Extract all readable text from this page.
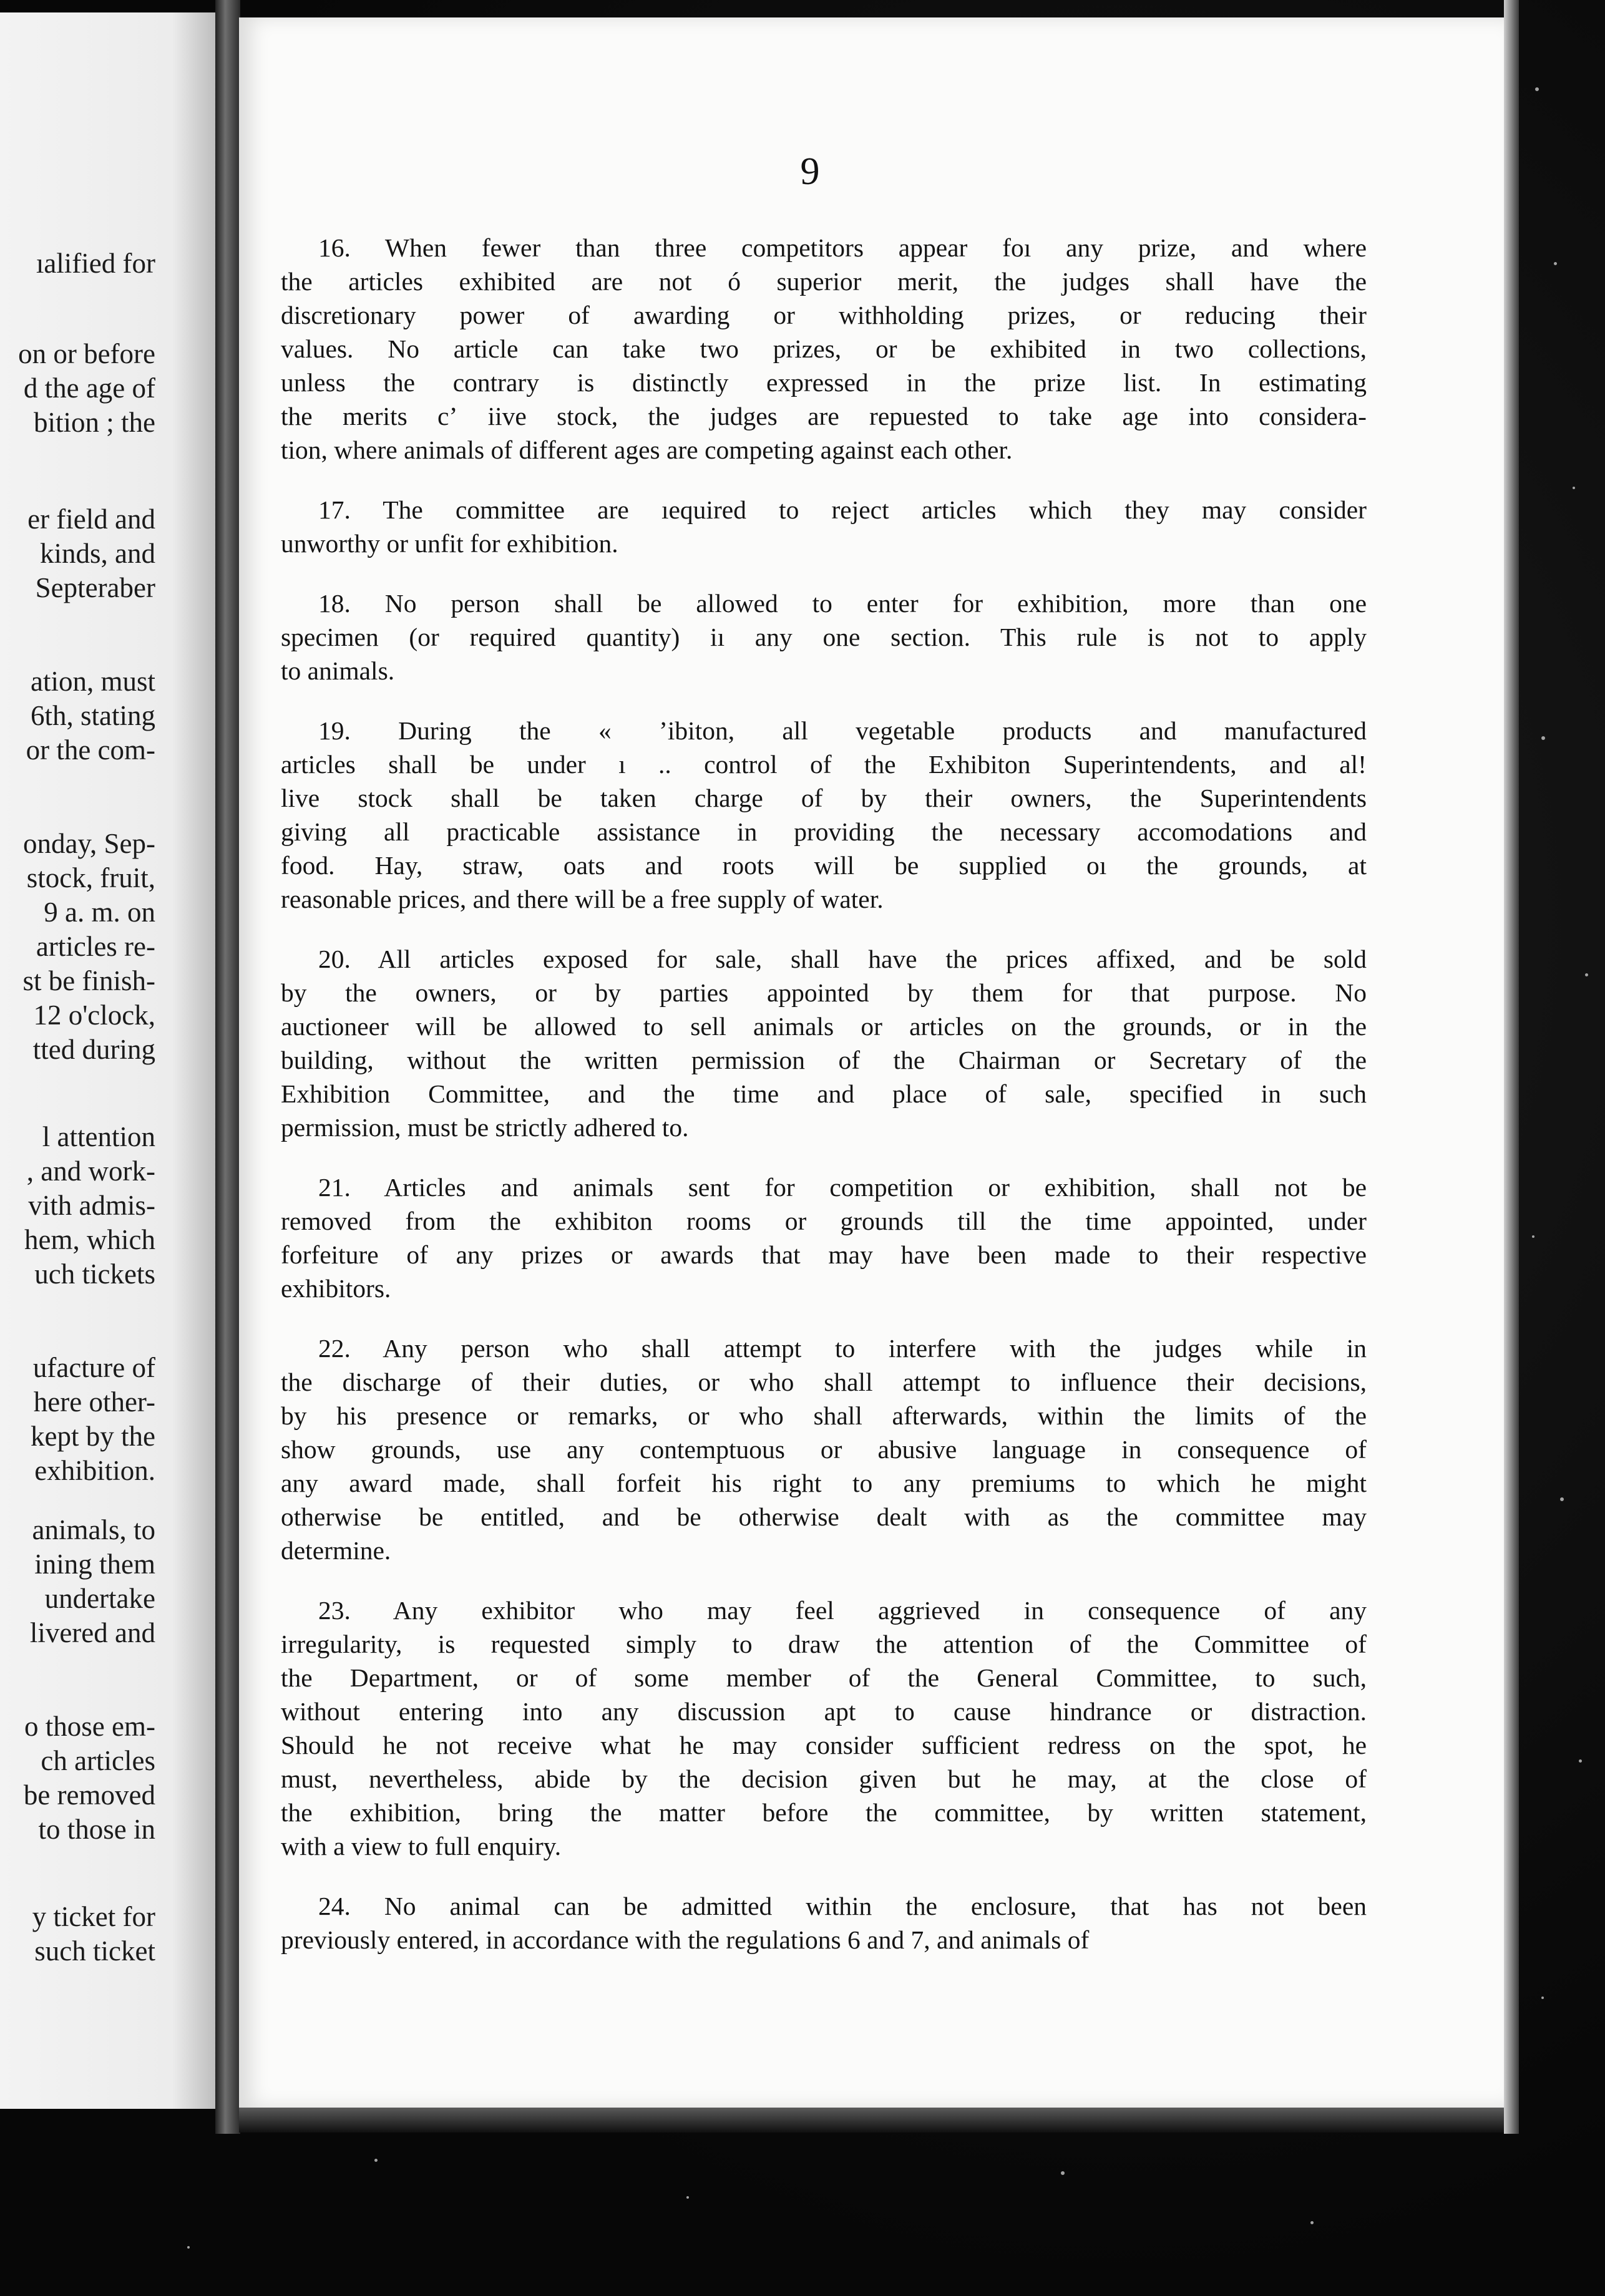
ıalified for
on or before
d the age of
bition ; the
er field and
kinds, and
Septeraber
ation, must
6th, stating
or the com-
onday, Sep-
stock, fruit,
9 a. m. on
articles re-
st be finish-
12 o'clock,
tted during
l attention
, and work-
vith admis-
hem, which
uch tickets
ufacture of
here other-
kept by the
exhibition.
animals, to
ining them
undertake
livered and
o those em-
ch articles
be removed
to those in
y ticket for
such ticket
9
16. When fewer than three competitors appear foı any prize, and where
the articles exhibited are not ó superior merit, the judges shall have the
discretionary power of awarding or withholding prizes, or reducing their
values. No article can take two prizes, or be exhibited in two collections,
unless the contrary is distinctly expressed in the prize list. In estimating
the merits cʼ iive stock, the judges are repuested to take age into considera-
tion, where animals of different ages are competing against each other.
17. The committee are ıequired to reject articles which they may consider
unworthy or unfit for exhibition.
18. No person shall be allowed to enter for exhibition, more than one
specimen (or required quantity) iı any one section. This rule is not to apply
to animals.
19. During the « ʼibiton, all vegetable products and manufactured
articles shall be under ı .. control of the Exhibiton Superintendents, and al!
live stock shall be taken charge of by their owners, the Superintendents
giving all practicable assistance in providing the necessary accomodations and
food. Hay, straw, oats and roots will be supplied oı the grounds, at
reasonable prices, and there will be a free supply of water.
20. All articles exposed for sale, shall have the prices affixed, and be sold
by the owners, or by parties appointed by them for that purpose. No
auctioneer will be allowed to sell animals or articles on the grounds, or in the
building, without the written permission of the Chairman or Secretary of the
Exhibition Committee, and the time and place of sale, specified in such
permission, must be strictly adhered to.
21. Articles and animals sent for competition or exhibition, shall not be
removed from the exhibiton rooms or grounds till the time appointed, under
forfeiture of any prizes or awards that may have been made to their respective
exhibitors.
22. Any person who shall attempt to interfere with the judges while in
the discharge of their duties, or who shall attempt to influence their decisions,
by his presence or remarks, or who shall afterwards, within the limits of the
show grounds, use any contemptuous or abusive language in consequence of
any award made, shall forfeit his right to any premiums to which he might
otherwise be entitled, and be otherwise dealt with as the committee may
determine.
23. Any exhibitor who may feel aggrieved in consequence of any
irregularity, is requested simply to draw the attention of the Committee of
the Department, or of some member of the General Committee, to such,
without entering into any discussion apt to cause hindrance or distraction.
Should he not receive what he may consider sufficient redress on the spot, he
must, nevertheless, abide by the decision given but he may, at the close of
the exhibition, bring the matter before the committee, by written statement,
with a view to full enquiry.
24. No animal can be admitted within the enclosure, that has not been
previously entered, in accordance with the regulations 6 and 7, and animals of
